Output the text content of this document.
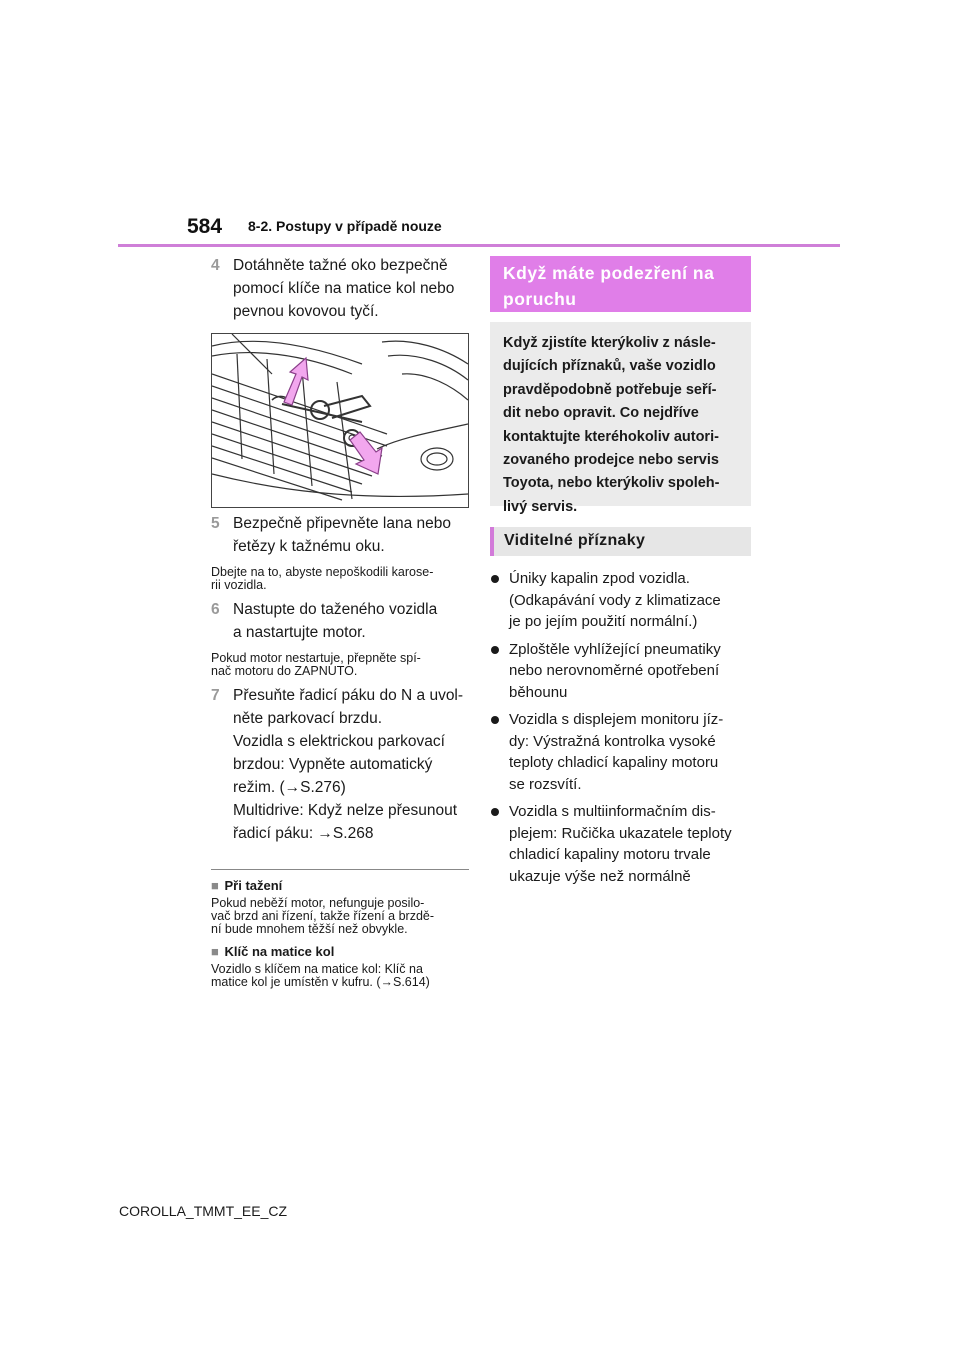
584 8-2. Postupy v případě nouze
4 Dotáhněte tažné oko bezpečně
pomocí klíče na matice kol nebo
pevnou kovovou tyčí.
5 Bezpečně připevněte lana nebo
řetězy k tažnému oku.
Dbejte na to, abyste nepoškodili karose-
rii vozidla.
6 Nastupte do taženého vozidla
a nastartujte motor.
Pokud motor nestartuje, přepněte spí-
nač motoru do ZAPNUTO.
7 Přesuňte řadicí páku do N a uvol-
něte parkovací brzdu.
Vozidla s elektrickou parkovací
brzdou: Vypněte automatický
režim. (→S.276)
Multidrive: Když nelze přesunout
řadicí páku: →S.268
■ Při tažení
Pokud neběží motor, nefunguje posilo-
vač brzd ani řízení, takže řízení a brzdě-
ní bude mnohem těžší než obvykle.
■ Klíč na matice kol
Vozidlo s klíčem na matice kol: Klíč na
matice kol je umístěn v kufru. (→S.614)
Když máte podezření na
poruchu
Když zjistíte kterýkoliv z násle-
dujících příznaků, vaše vozidlo
pravděpodobně potřebuje seří-
dit nebo opravit. Co nejdříve
kontaktujte kteréhokoliv autori-
zovaného prodejce nebo servis
Toyota, nebo kterýkoliv spoleh-
livý servis.
Viditelné příznaky
Úniky kapalin zpod vozidla.
(Odkapávání vody z klimatizace
je po jejím použití normální.)
Zploštěle vyhlížející pneumatiky
nebo nerovnoměrné opotřebení
běhounu
Vozidla s displejem monitoru jíz-
dy: Výstražná kontrolka vysoké
teploty chladicí kapaliny motoru
se rozsvítí.
Vozidla s multiinformačním dis-
plejem: Ručička ukazatele teploty
chladicí kapaliny motoru trvale
ukazuje výše než normálně
COROLLA_TMMT_EE_CZ
